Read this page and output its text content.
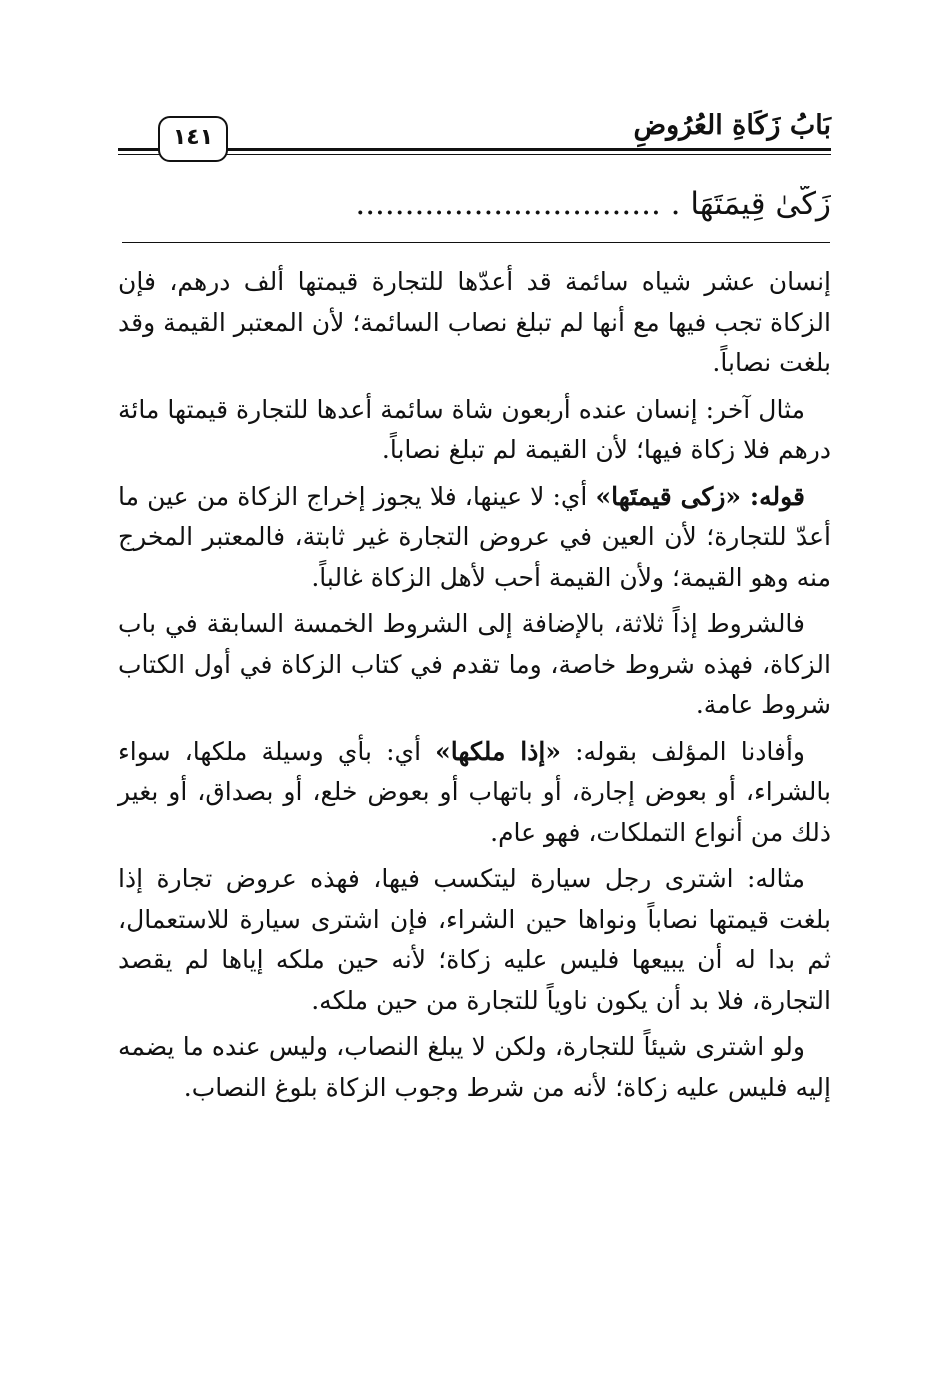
١٤١	بَابُ زَكَاةِ العُرُوضِ
زَكَّىٰ قِيمَتَهَا . ...............................

إنسان عشر شياه سائمة قد أعدّها للتجارة قيمتها ألف درهم، فإن الزكاة تجب فيها مع أنها لم تبلغ نصاب السائمة؛ لأن المعتبر القيمة وقد بلغت نصاباً.

مثال آخر: إنسان عنده أربعون شاة سائمة أعدها للتجارة قيمتها مائة درهم فلا زكاة فيها؛ لأن القيمة لم تبلغ نصاباً.

قوله: «زكى قيمتَها» أي: لا عينها، فلا يجوز إخراج الزكاة من عين ما أعدّ للتجارة؛ لأن العين في عروض التجارة غير ثابتة، فالمعتبر المخرج منه وهو القيمة؛ ولأن القيمة أحب لأهل الزكاة غالباً.

فالشروط إذاً ثلاثة، بالإضافة إلى الشروط الخمسة السابقة في باب الزكاة، فهذه شروط خاصة، وما تقدم في كتاب الزكاة في أول الكتاب شروط عامة.

وأفادنا المؤلف بقوله: «إذا ملكها» أي: بأي وسيلة ملكها، سواء بالشراء، أو بعوض إجارة، أو باتهاب أو بعوض خلع، أو بصداق، أو بغير ذلك من أنواع التملكات، فهو عام.

مثاله: اشترى رجل سيارة ليتكسب فيها، فهذه عروض تجارة إذا بلغت قيمتها نصاباً ونواها حين الشراء، فإن اشترى سيارة للاستعمال، ثم بدا له أن يبيعها فليس عليه زكاة؛ لأنه حين ملكه إياها لم يقصد التجارة، فلا بد أن يكون ناوياً للتجارة من حين ملكه.

ولو اشترى شيئاً للتجارة، ولكن لا يبلغ النصاب، وليس عنده ما يضمه إليه فليس عليه زكاة؛ لأنه من شرط وجوب الزكاة بلوغ النصاب.
